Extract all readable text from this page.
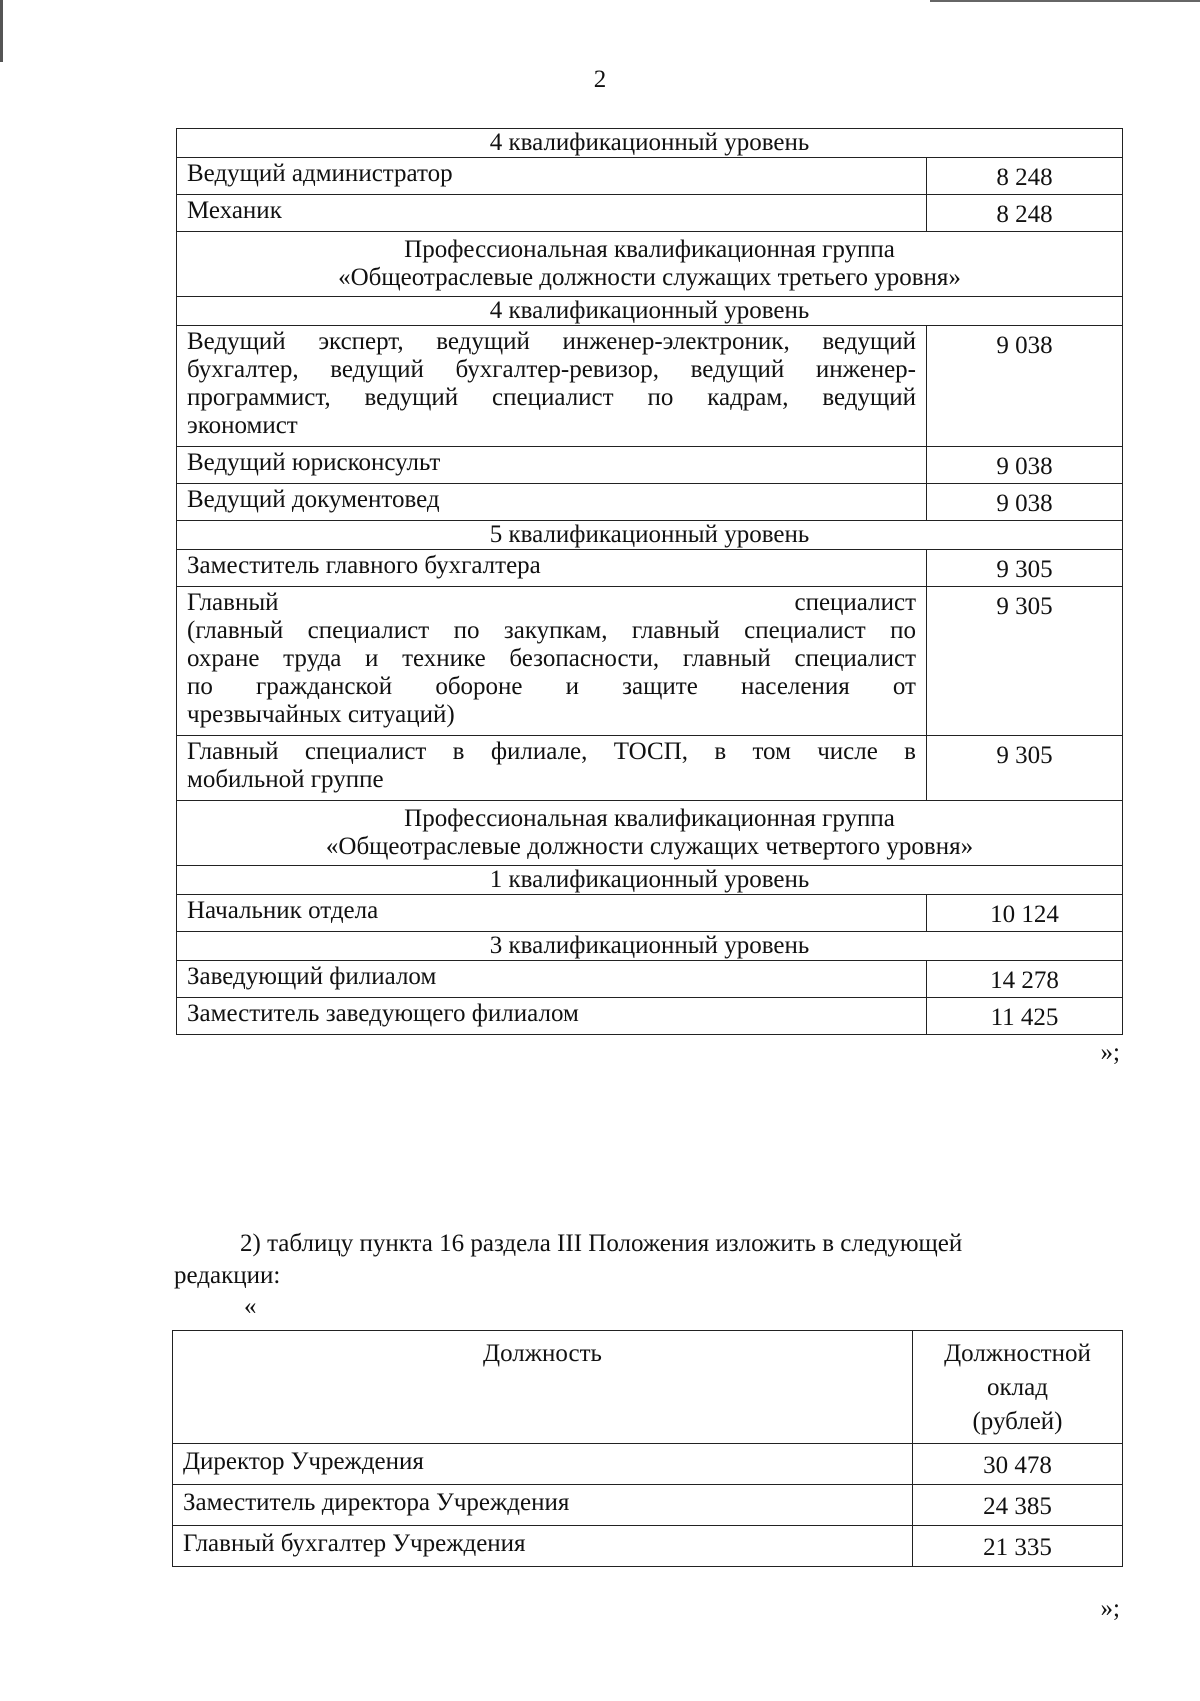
2
4 квалификационный уровень	

Ведущий администратор	8 248

Механик	8 248

Профессиональная квалификационная группа
«Общеотраслевые должности служащих третьего уровня»	

4 квалификационный уровень	

Ведущий эксперт, ведущий инженер-электроник, ведущий
бухгалтер, ведущий бухгалтер-ревизор, ведущий инженер-
программист, ведущий специалист по кадрам, ведущий
экономист	9 038

Ведущий юрисконсульт	9 038

Ведущий документовед	9 038
5 квалификационный уровень	

Заместитель главного бухгалтера	9 305

Главный специалист
(главный специалист по закупкам, главный специалист по
охране труда и технике безопасности, главный специалист
по гражданской обороне и защите населения от
чрезвычайных ситуаций)	9 305

Главный специалист в филиале, ТОСП, в том числе в
мобильной группе	9 305

Профессиональная квалификационная группа
«Общеотраслевые должности служащих четвертого уровня»	

1 квалификационный уровень	

Начальник отдела	10 124
3 квалификационный уровень	

Заведующий филиалом	14 278

Заместитель заведующего филиалом	11 425
»;
2) таблицу пункта 16 раздела III Положения изложить в следующей
редакции:
«
Должность	Должностной
оклад
(рублей)
Директор Учреждения	30 478
Заместитель директора Учреждения	24 385
Главный бухгалтер Учреждения	21 335
»;
